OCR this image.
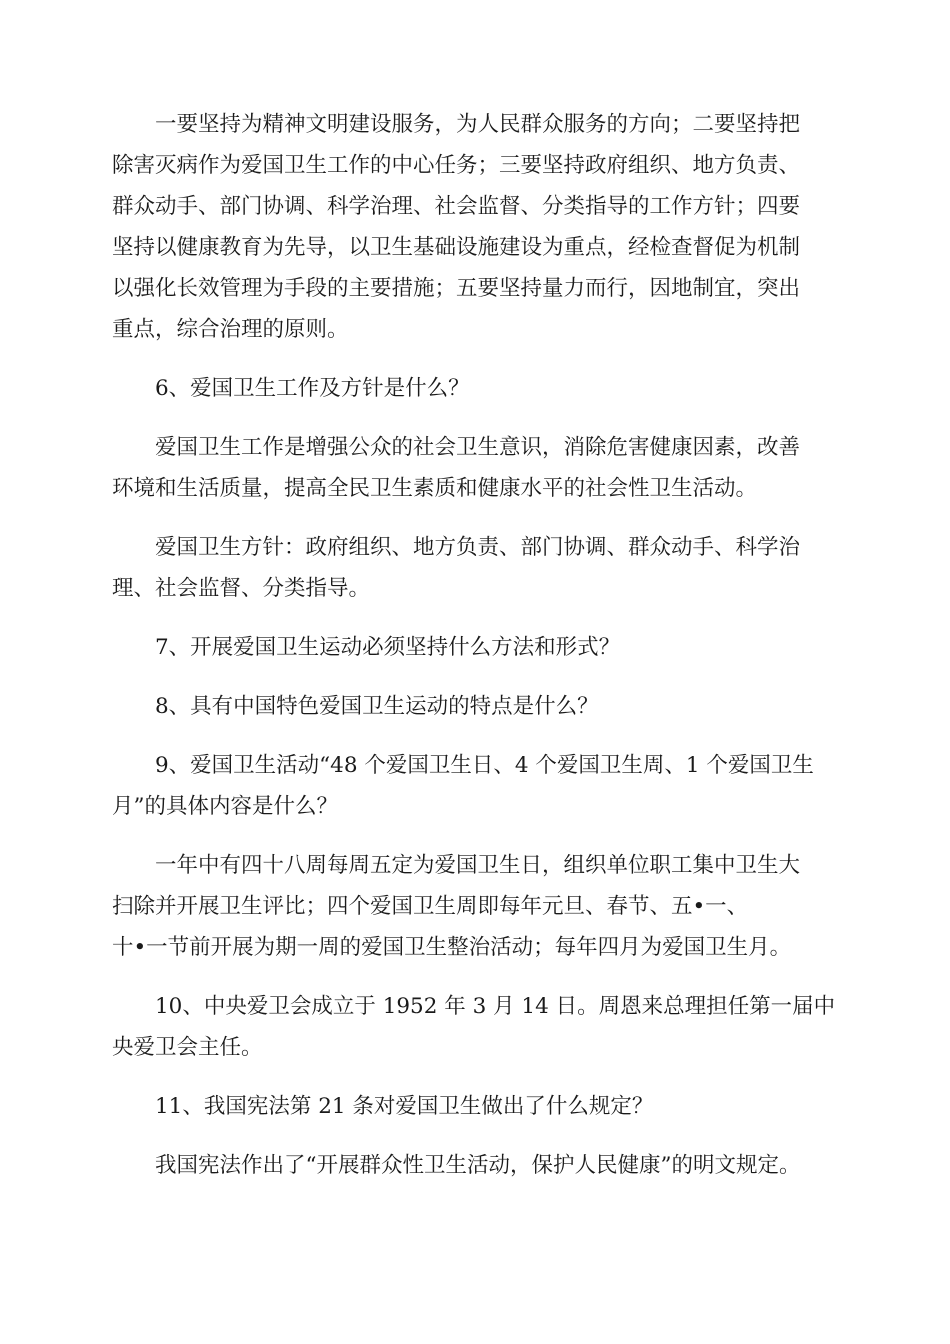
一要坚持为精神文明建设服务，为人民群众服务的方向；二要坚持把
除害灭病作为爱国卫生工作的中心任务；三要坚持政府组织、地方负责、
群众动手、部门协调、科学治理、社会监督、分类指导的工作方针；四要
坚持以健康教育为先导，以卫生基础设施建设为重点，经检查督促为机制
以强化长效管理为手段的主要措施；五要坚持量力而行，因地制宜，突出
重点，综合治理的原则。

6、爱国卫生工作及方针是什么？

爱国卫生工作是增强公众的社会卫生意识，消除危害健康因素，改善
环境和生活质量，提高全民卫生素质和健康水平的社会性卫生活动。

爱国卫生方针：政府组织、地方负责、部门协调、群众动手、科学治
理、社会监督、分类指导。

7、开展爱国卫生运动必须坚持什么方法和形式？

8、具有中国特色爱国卫生运动的特点是什么？

9、爱国卫生活动“48 个爱国卫生日、4 个爱国卫生周、1 个爱国卫生
月”的具体内容是什么？

一年中有四十八周每周五定为爱国卫生日，组织单位职工集中卫生大
扫除并开展卫生评比；四个爱国卫生周即每年元旦、春节、五•一、
十•一节前开展为期一周的爱国卫生整治活动；每年四月为爱国卫生月。

10、中央爱卫会成立于 1952 年 3 月 14 日。周恩来总理担任第一届中
央爱卫会主任。

11、我国宪法第 21 条对爱国卫生做出了什么规定？

我国宪法作出了“开展群众性卫生活动，保护人民健康”的明文规定。
